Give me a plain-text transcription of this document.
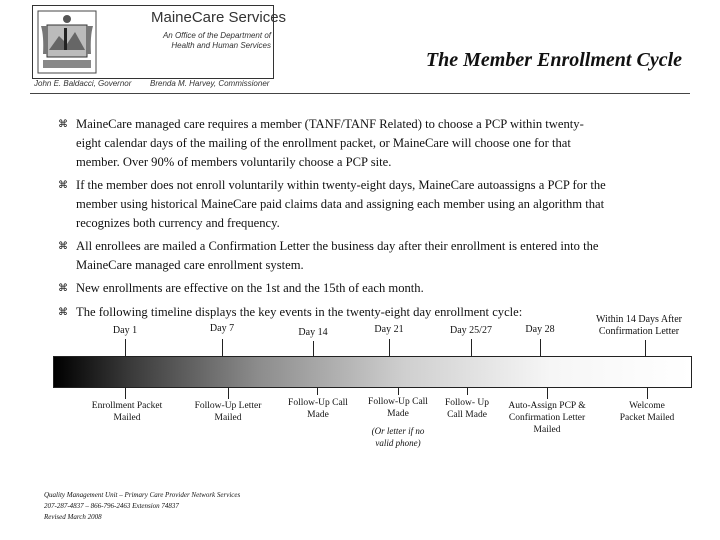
MaineCare Services
An Office of the Department of Health and Human Services
John E. Baldacci, Governor Brenda M. Harvey, Commissioner
The Member Enrollment Cycle
⌘ MaineCare managed care requires a member (TANF/TANF Related) to choose a PCP within twenty-
eight calendar days of the mailing of the enrollment packet, or MaineCare will choose one for that
member. Over 90% of members voluntarily choose a PCP site.
⌘ If the member does not enroll voluntarily within twenty-eight days, MaineCare autoassigns a PCP for the
member using historical MaineCare paid claims data and assigning each member using an algorithm that
recognizes both currency and frequency.
⌘ All enrollees are mailed a Confirmation Letter the business day after their enrollment is entered into the
MaineCare managed care enrollment system.
⌘ New enrollments are effective on the 1st and the 15th of each month.
⌘ The following timeline displays the key events in the twenty-eight day enrollment cycle:
Day 1	Day 7	Day 14	Day 21	Day 25/27	Day 28
Within 14 Days After Confirmation Letter
Enrollment Packet Mailed
Follow-Up Letter Mailed
Follow-Up Call Made
Follow-Up Call Made
(Or letter if no valid phone)
Follow- Up Call Made
Auto-Assign PCP & Confirmation Letter Mailed
Welcome Packet Mailed
Quality Management Unit – Primary Care Provider Network Services
207-287-4837 – 866-796-2463 Extension 74837
Revised March 2008
